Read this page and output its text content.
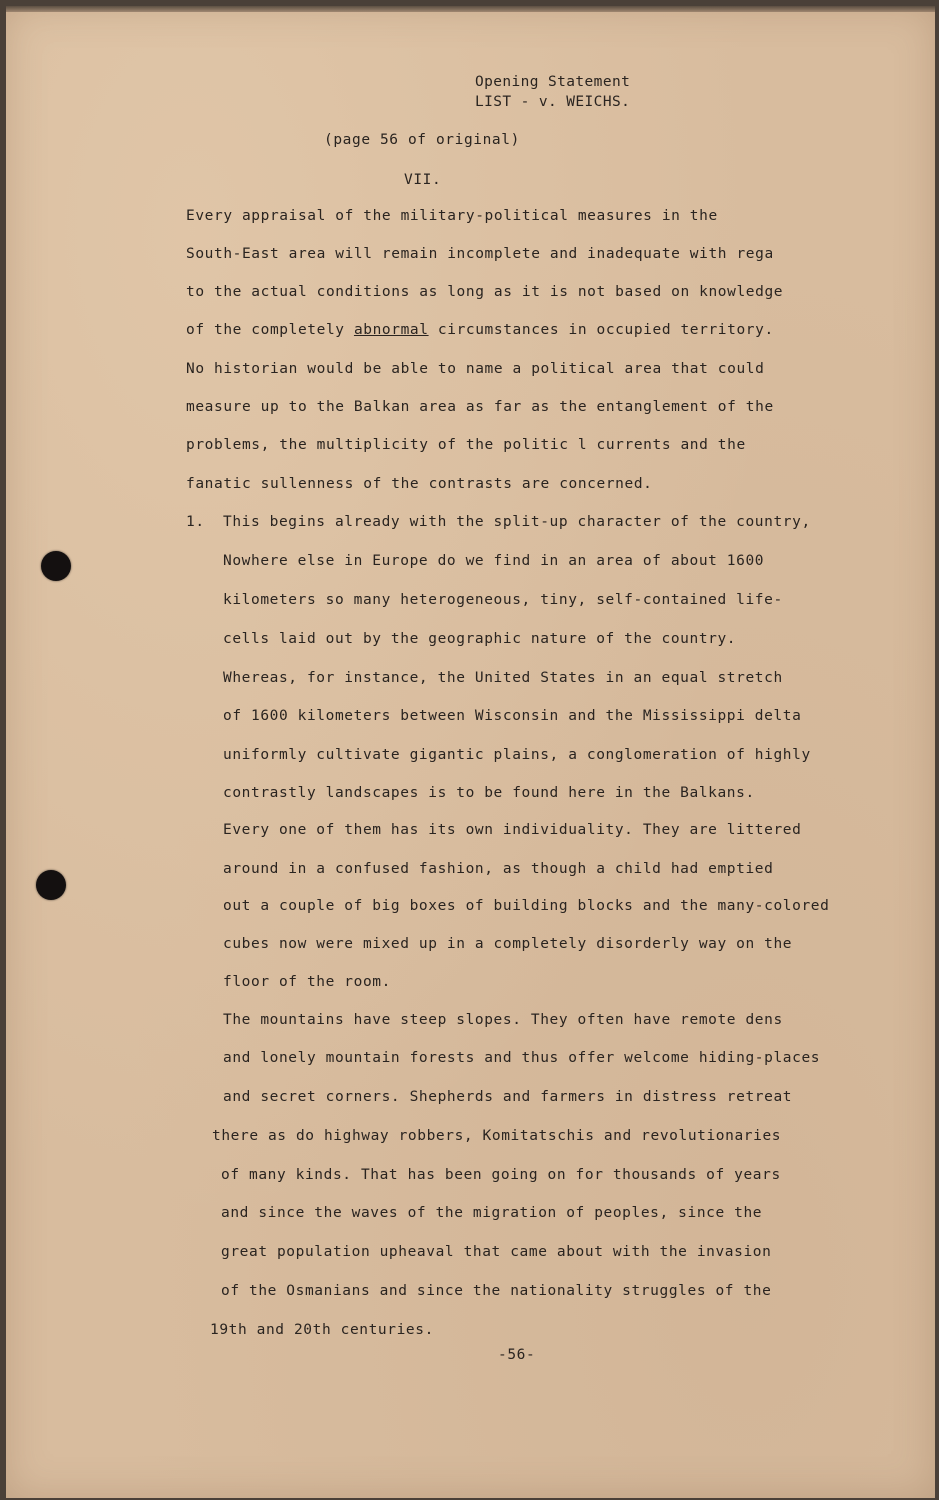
Opening Statement
LIST - v. WEICHS.
(page 56 of original)
VII.
Every appraisal of the military-political measures in the
South-East area will remain incomplete and inadequate with rega
to the actual conditions as long as it is not based on knowledge
of the completely abnormal circumstances in occupied territory.
No historian would be able to name a political area that could
measure up to the Balkan area as far as the entanglement of the
problems, the multiplicity of the politic l currents and the
fanatic sullenness of the contrasts are concerned.
1. This begins already with the split-up character of the country,
Nowhere else in Europe do we find in an area of about 1600
kilometers so many heterogeneous, tiny, self-contained life-
cells laid out by the geographic nature of the country.
Whereas, for instance, the United States in an equal stretch
of 1600 kilometers between Wisconsin and the Mississippi delta
uniformly cultivate gigantic plains, a conglomeration of highly
contrastly landscapes is to be found here in the Balkans.
Every one of them has its own individuality. They are littered
around in a confused fashion, as though a child had emptied
out a couple of big boxes of building blocks and the many-colored
cubes now were mixed up in a completely disorderly way on the
floor of the room.
The mountains have steep slopes. They often have remote dens
and lonely mountain forests and thus offer welcome hiding-places
and secret corners. Shepherds and farmers in distress retreat
there as do highway robbers, Komitatschis and revolutionaries
of many kinds. That has been going on for thousands of years
and since the waves of the migration of peoples, since the
great population upheaval that came about with the invasion
of the Osmanians and since the nationality struggles of the
19th and 20th centuries.
-56-
